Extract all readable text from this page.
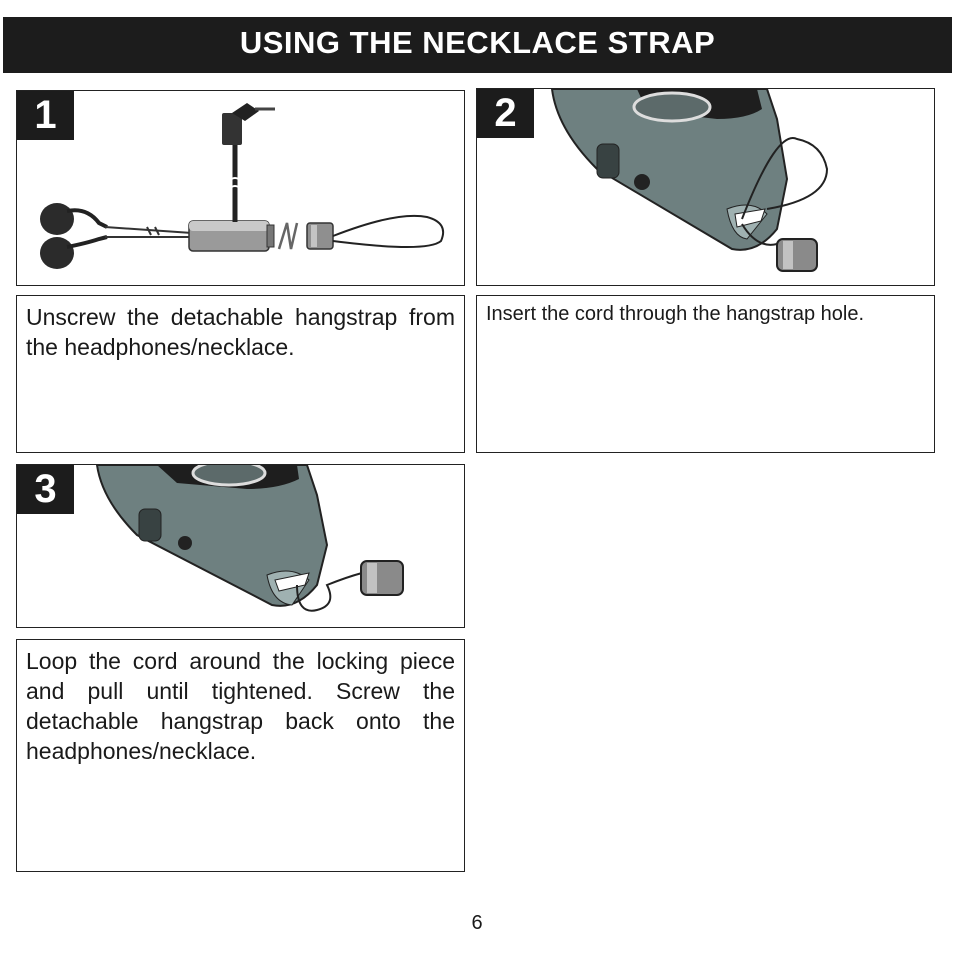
USING THE NECKLACE STRAP
1
Unscrew the detachable hangstrap from the headphones/necklace.
2
Insert the cord through the hangstrap hole.
3
Loop the cord around the locking piece and pull until tightened. Screw the detachable hangstrap back onto the headphones/necklace.
6
